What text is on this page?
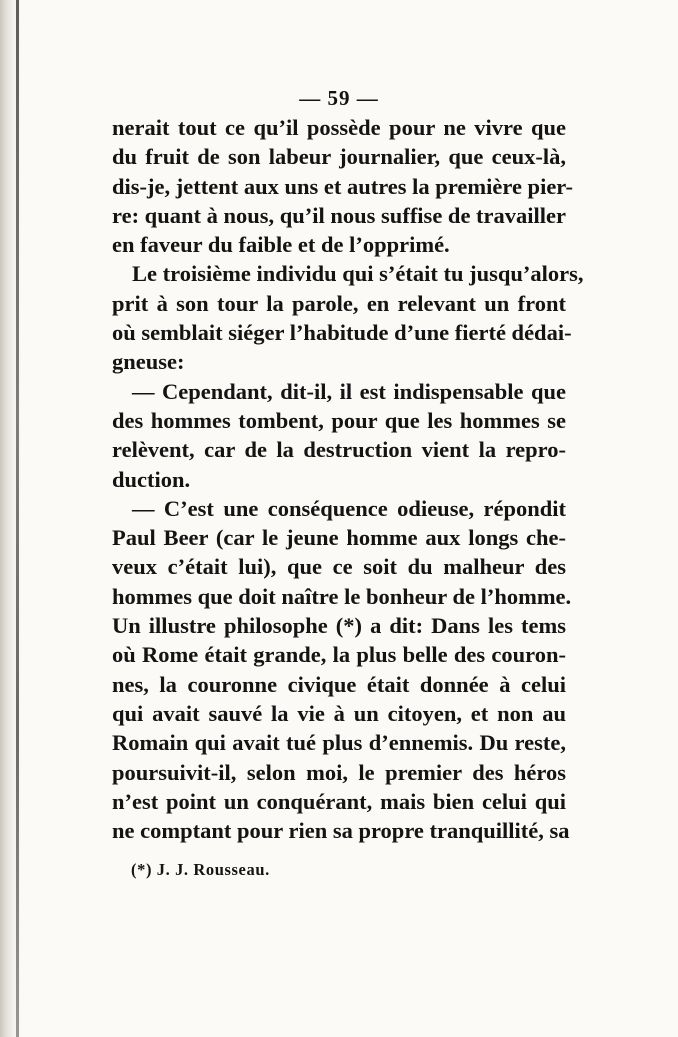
— 59 —
nerait tout ce qu’il possède pour ne vivre que
du fruit de son labeur journalier, que ceux-là,
dis-je, jettent aux uns et autres la première pier-
re: quant à nous, qu’il nous suffise de travailler
en faveur du faible et de l’opprimé.
Le troisième individu qui s’était tu jusqu’alors,
prit à son tour la parole, en relevant un front
où semblait siéger l’habitude d’une fierté dédai-
gneuse:
— Cependant, dit-il, il est indispensable que
des hommes tombent, pour que les hommes se
relèvent, car de la destruction vient la repro-
duction.
— C’est une conséquence odieuse, répondit
Paul Beer (car le jeune homme aux longs che-
veux c’était lui), que ce soit du malheur des
hommes que doit naître le bonheur de l’homme.
Un illustre philosophe (*) a dit: Dans les tems
où Rome était grande, la plus belle des couron-
nes, la couronne civique était donnée à celui
qui avait sauvé la vie à un citoyen, et non au
Romain qui avait tué plus d’ennemis. Du reste,
poursuivit-il, selon moi, le premier des héros
n’est point un conquérant, mais bien celui qui
ne comptant pour rien sa propre tranquillité, sa
(*) J. J. Rousseau.
